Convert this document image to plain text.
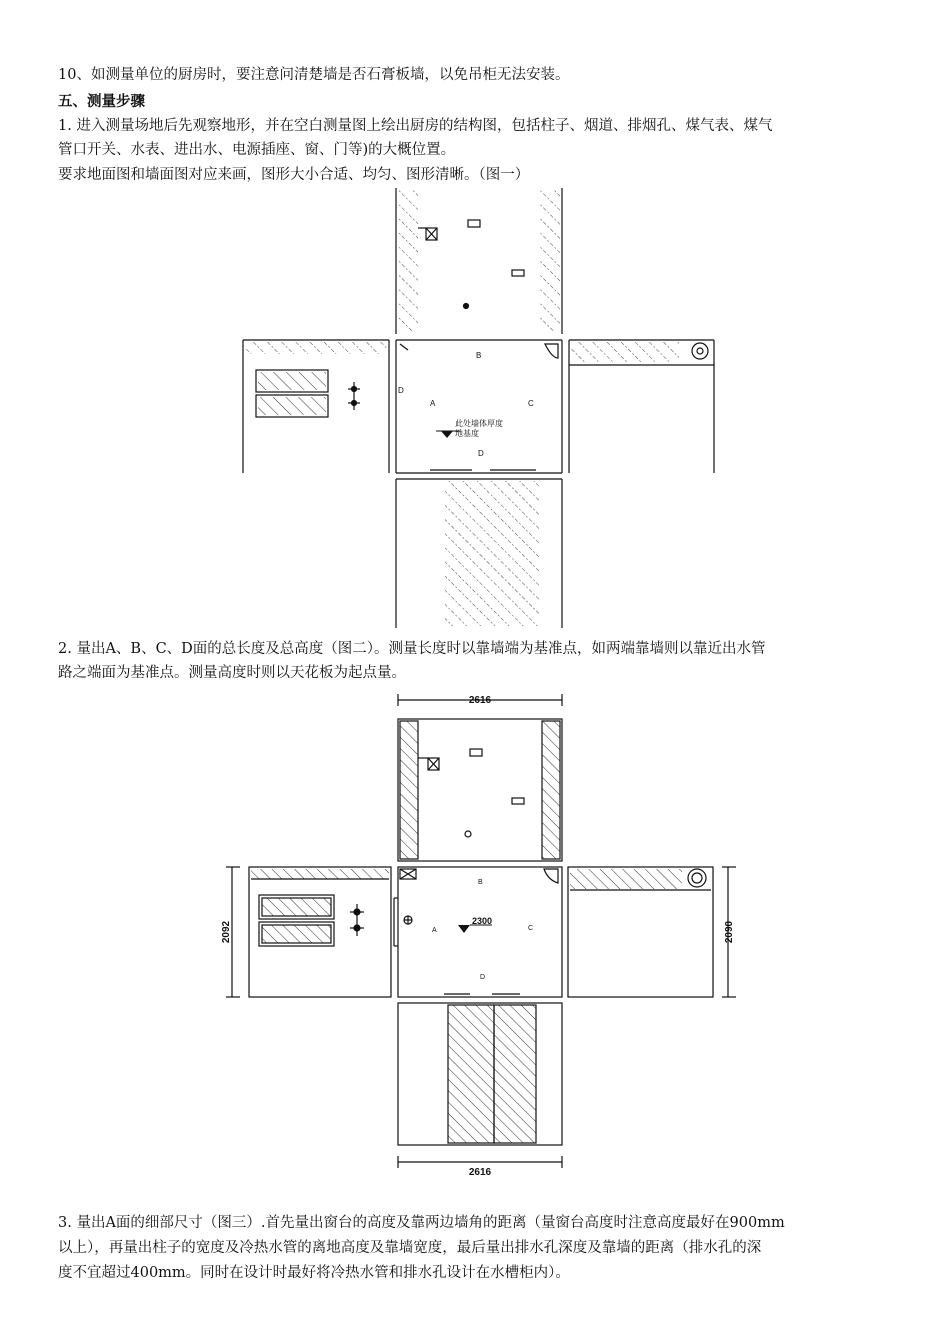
10、如测量单位的厨房时，要注意问清楚墙是否石膏板墙，以免吊柜无法安装。
五、测量步骤
1. 进入测量场地后先观察地形，并在空白测量图上绘出厨房的结构图，包括柱子、烟道、排烟孔、煤气表、煤气
管口开关、水表、进出水、电源插座、窗、门等)的大概位置。
要求地面图和墙面图对应来画，图形大小合适、均匀、图形清晰。（图一）
B
A	C
D
D
此处墙体厚度
地基度
2. 量出A、B、C、D面的总长度及总高度（图二）。测量长度时以靠墙端为基准点，如两端靠墙则以靠近出水管
路之端面为基准点。测量高度时则以天花板为起点量。
2616
2616
2092	2090
2300
B
A	C
D
3. 量出A面的细部尺寸（图三）.首先量出窗台的高度及靠两边墙角的距离（量窗台高度时注意高度最好在900mm
以上），再量出柱子的宽度及冷热水管的离地高度及靠墙宽度，最后量出排水孔深度及靠墙的距离（排水孔的深
度不宜超过400mm。同时在设计时最好将冷热水管和排水孔设计在水槽柜内）。
